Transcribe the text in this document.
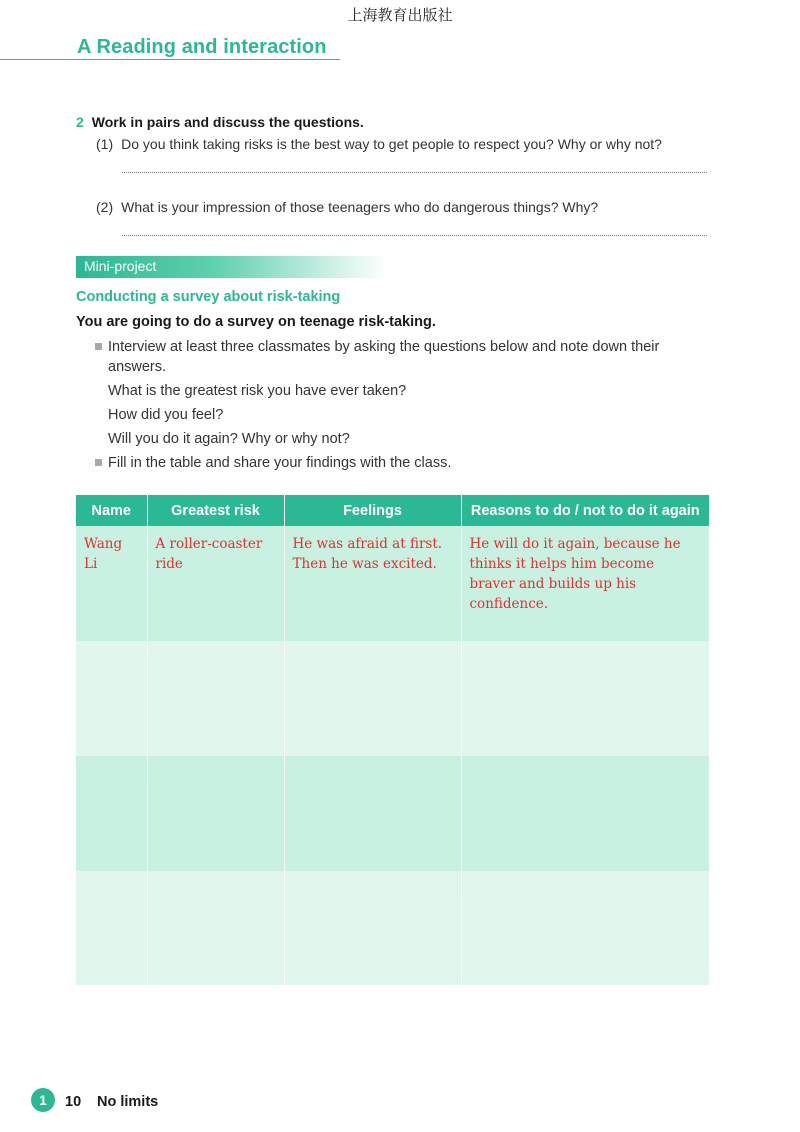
上海教育出版社
A Reading and interaction
2 Work in pairs and discuss the questions.
(1) Do you think taking risks is the best way to get people to respect you? Why or why not?
(2) What is your impression of those teenagers who do dangerous things? Why?
Mini-project
Conducting a survey about risk-taking
You are going to do a survey on teenage risk-taking.
Interview at least three classmates by asking the questions below and note down their answers.
What is the greatest risk you have ever taken?
How did you feel?
Will you do it again? Why or why not?
Fill in the table and share your findings with the class.
Name	Greatest risk	Feelings	Reasons to do / not to do it again
Wang Li	A roller-coaster ride	He was afraid at first. Then he was excited.	He will do it again, because he thinks it helps him become braver and builds up his confidence.

1	10 No limits
